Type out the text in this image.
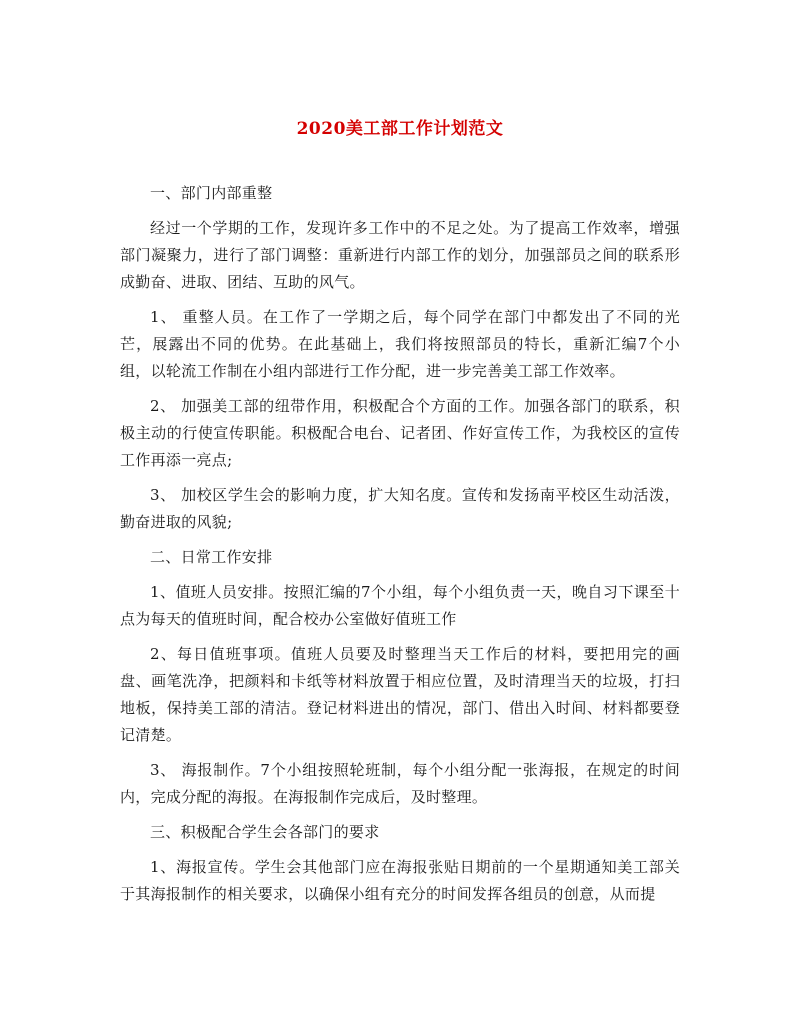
2020美工部工作计划范文

一、部门内部重整

经过一个学期的工作，发现许多工作中的不足之处。为了提高工作效率，增强部门凝聚力，进行了部门调整：重新进行内部工作的划分，加强部员之间的联系形成勤奋、进取、团结、互助的风气。

1、 重整人员。在工作了一学期之后，每个同学在部门中都发出了不同的光芒，展露出不同的优势。在此基础上，我们将按照部员的特长，重新汇编7个小组，以轮流工作制在小组内部进行工作分配，进一步完善美工部工作效率。

2、 加强美工部的纽带作用，积极配合个方面的工作。加强各部门的联系，积极主动的行使宣传职能。积极配合电台、记者团、作好宣传工作，为我校区的宣传工作再添一亮点;

3、 加校区学生会的影响力度，扩大知名度。宣传和发扬南平校区生动活泼，勤奋进取的风貌;

二、日常工作安排

1、值班人员安排。按照汇编的7个小组，每个小组负责一天，晚自习下课至十点为每天的值班时间，配合校办公室做好值班工作

2、每日值班事项。值班人员要及时整理当天工作后的材料，要把用完的画盘、画笔洗净，把颜料和卡纸等材料放置于相应位置，及时清理当天的垃圾，打扫地板，保持美工部的清洁。登记材料进出的情况，部门、借出入时间、材料都要登记清楚。

3、 海报制作。7个小组按照轮班制，每个小组分配一张海报，在规定的时间内，完成分配的海报。在海报制作完成后，及时整理。

三、积极配合学生会各部门的要求

1、海报宣传。学生会其他部门应在海报张贴日期前的一个星期通知美工部关于其海报制作的相关要求，以确保小组有充分的时间发挥各组员的创意，从而提
